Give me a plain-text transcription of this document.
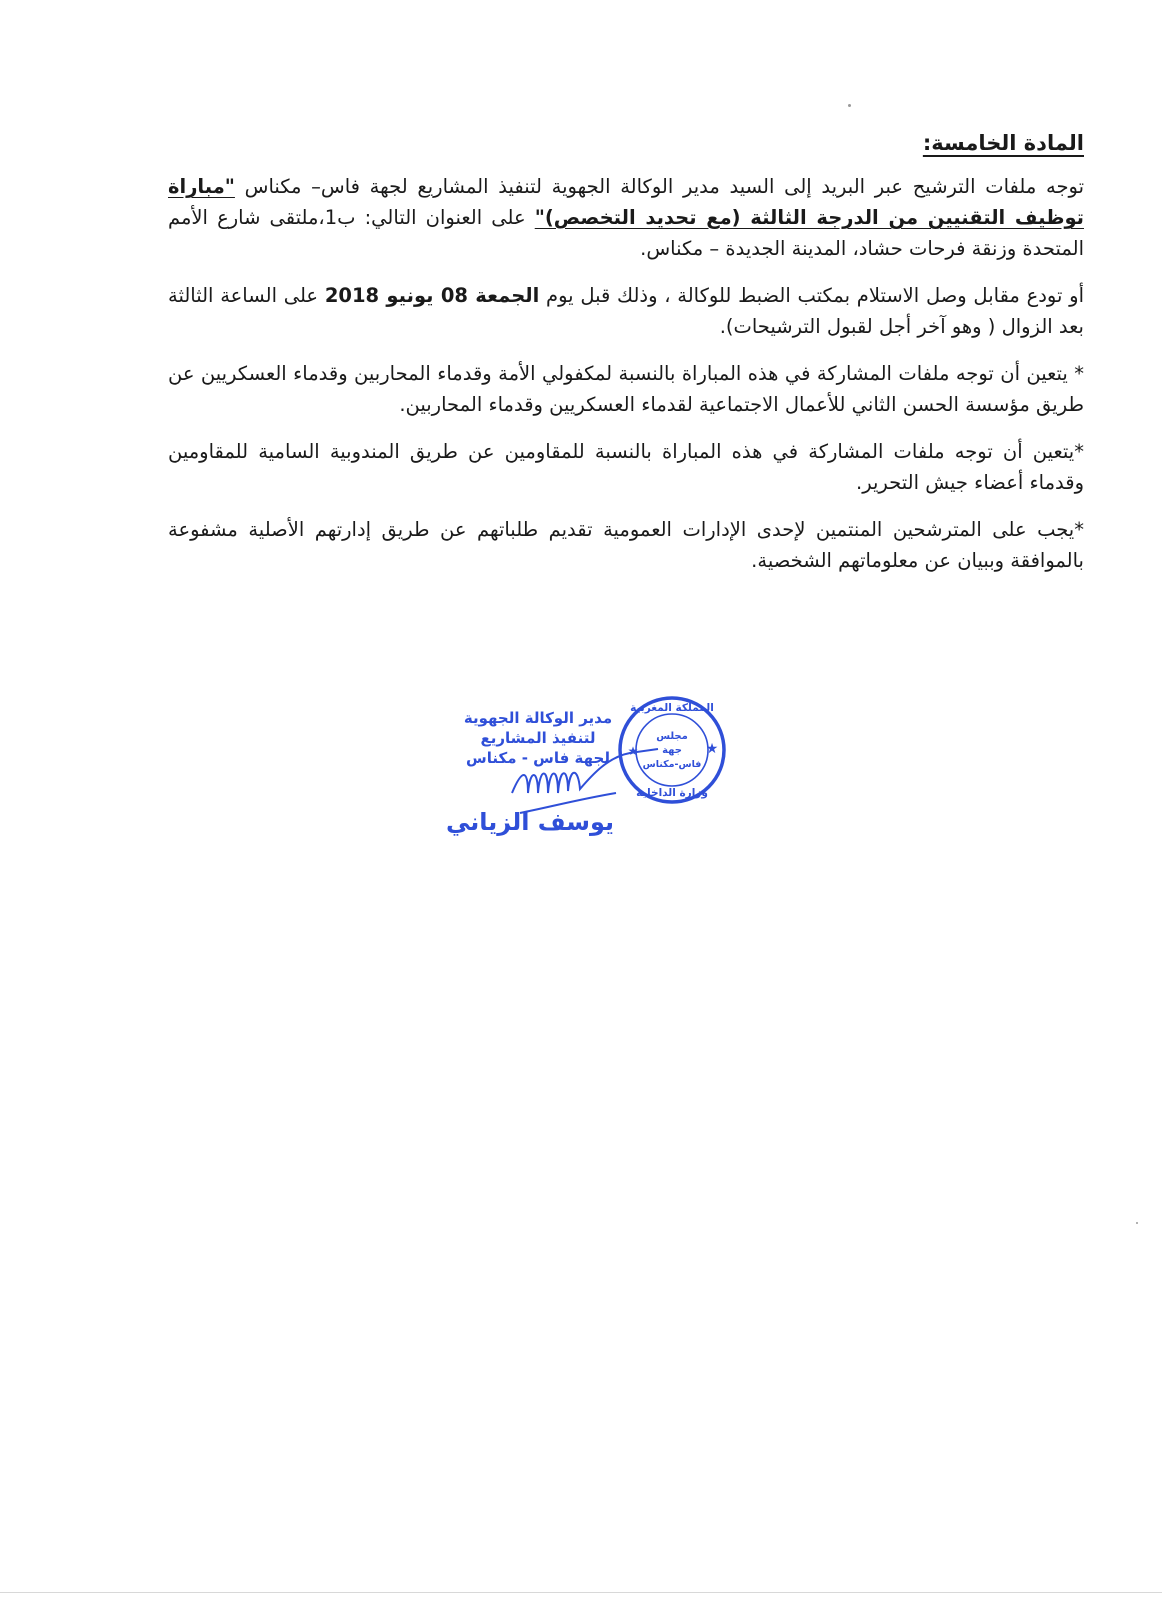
المادة الخامسة:

توجه ملفات الترشيح عبر البريد إلى السيد مدير الوكالة الجهوية لتنفيذ المشاريع لجهة فاس– مكناس "مباراة توظيف التقنيين من الدرجة الثالثة (مع تحديد التخصص)" على العنوان التالي: ب1،ملتقى شارع الأمم المتحدة وزنقة فرحات حشاد، المدينة الجديدة – مكناس.

أو تودع مقابل وصل الاستلام بمكتب الضبط للوكالة ، وذلك قبل يوم الجمعة 08 يونيو 2018 على الساعة الثالثة بعد الزوال ( وهو آخر أجل لقبول الترشيحات).

* يتعين أن توجه ملفات المشاركة في هذه المباراة بالنسبة لمكفولي الأمة وقدماء المحاربين وقدماء العسكريين عن طريق مؤسسة الحسن الثاني للأعمال الاجتماعية لقدماء العسكريين وقدماء المحاربين.

*يتعين أن توجه ملفات المشاركة في هذه المباراة بالنسبة للمقاومين عن طريق المندوبية السامية للمقاومين وقدماء أعضاء جيش التحرير.

*يجب على المترشحين المنتمين لإحدى الإدارات العمومية تقديم طلباتهم عن طريق إدارتهم الأصلية مشفوعة بالموافقة وببيان عن معلوماتهم الشخصية.

★
★
المملكة المغربية
مجلس
جهة
فاس-مكناس
وزارة الداخلية
مدير الوكالة الجهوية
لتنفيذ المشاريع
لجهة فاس - مكناس
يوسف الزياني
